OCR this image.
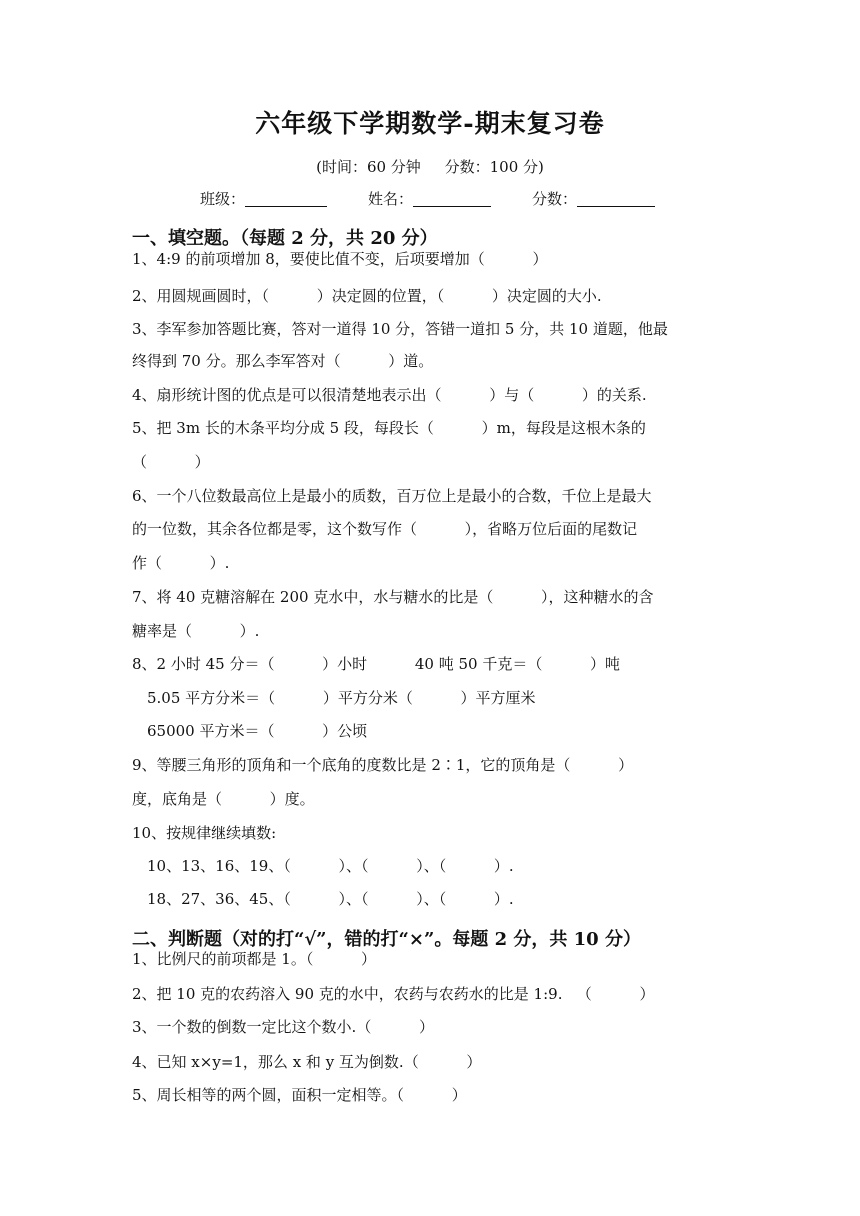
六年级下学期数学-期末复习卷
(时间：60 分钟     分数：100 分)
班级：	姓名：	分数：
一、填空题。（每题 2 分，共 20 分）
1、4:9 的前项增加 8，要使比值不变，后项要增加（          ）
2、用圆规画圆时，（          ）决定圆的位置，（          ）决定圆的大小.
3、李军参加答题比赛，答对一道得 10 分，答错一道扣 5 分，共 10 道题，他最
终得到 70 分。那么李军答对（          ）道。
4、扇形统计图的优点是可以很清楚地表示出（          ）与（          ）的关系.
5、把 3m 长的木条平均分成 5 段，每段长（          ）m，每段是这根木条的
（          ）
6、一个八位数最高位上是最小的质数，百万位上是最小的合数，千位上是最大
的一位数，其余各位都是零，这个数写作（          ），省略万位后面的尾数记
作（          ）.
7、将 40 克糖溶解在 200 克水中，水与糖水的比是（          ），这种糖水的含
糖率是（          ）.
8、2 小时 45 分＝（          ）小时          40 吨 50 千克＝（          ）吨
5.05 平方分米＝（          ）平方分米（          ）平方厘米
65000 平方米＝（          ）公顷
9、等腰三角形的顶角和一个底角的度数比是 2∶1，它的顶角是（          ）
度，底角是（          ）度。
10、按规律继续填数:
10、13、16、19、（          ）、（          ）、（          ）.
18、27、36、45、（          ）、（          ）、（          ）.
二、判断题（对的打“√”，错的打“×”。每题 2 分，共 10 分）
1、比例尺的前项都是 1。（          ）
2、把 10 克的农药溶入 90 克的水中，农药与农药水的比是 1:9.   （          ）
3、一个数的倒数一定比这个数小.（          ）
4、已知 x×y=1，那么 x 和 y 互为倒数.（          ）
5、周长相等的两个圆，面积一定相等。（          ）
